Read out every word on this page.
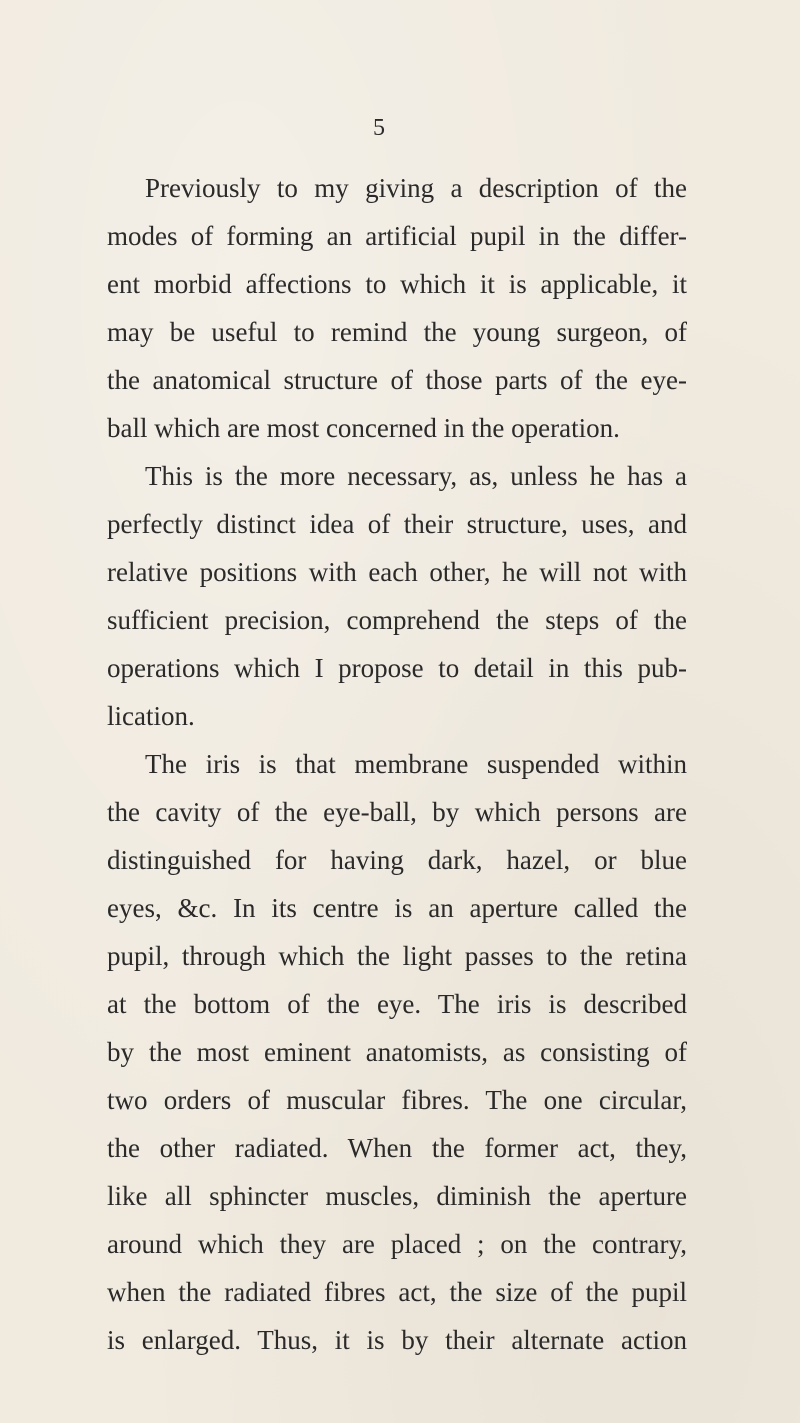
5
Previously to my giving a description of the
modes of forming an artificial pupil in the differ-
ent morbid affections to which it is applicable, it
may be useful to remind the young surgeon, of
the anatomical structure of those parts of the eye-
ball which are most concerned in the operation.
This is the more necessary, as, unless he has a
perfectly distinct idea of their structure, uses, and
relative positions with each other, he will not with
sufficient precision, comprehend the steps of the
operations which I propose to detail in this pub-
lication.
The iris is that membrane suspended within
the cavity of the eye-ball, by which persons are
distinguished for having dark, hazel, or blue
eyes, &c. In its centre is an aperture called the
pupil, through which the light passes to the retina
at the bottom of the eye. The iris is described
by the most eminent anatomists, as consisting of
two orders of muscular fibres. The one circular,
the other radiated. When the former act, they,
like all sphincter muscles, diminish the aperture
around which they are placed ; on the contrary,
when the radiated fibres act, the size of the pupil
is enlarged. Thus, it is by their alternate action
